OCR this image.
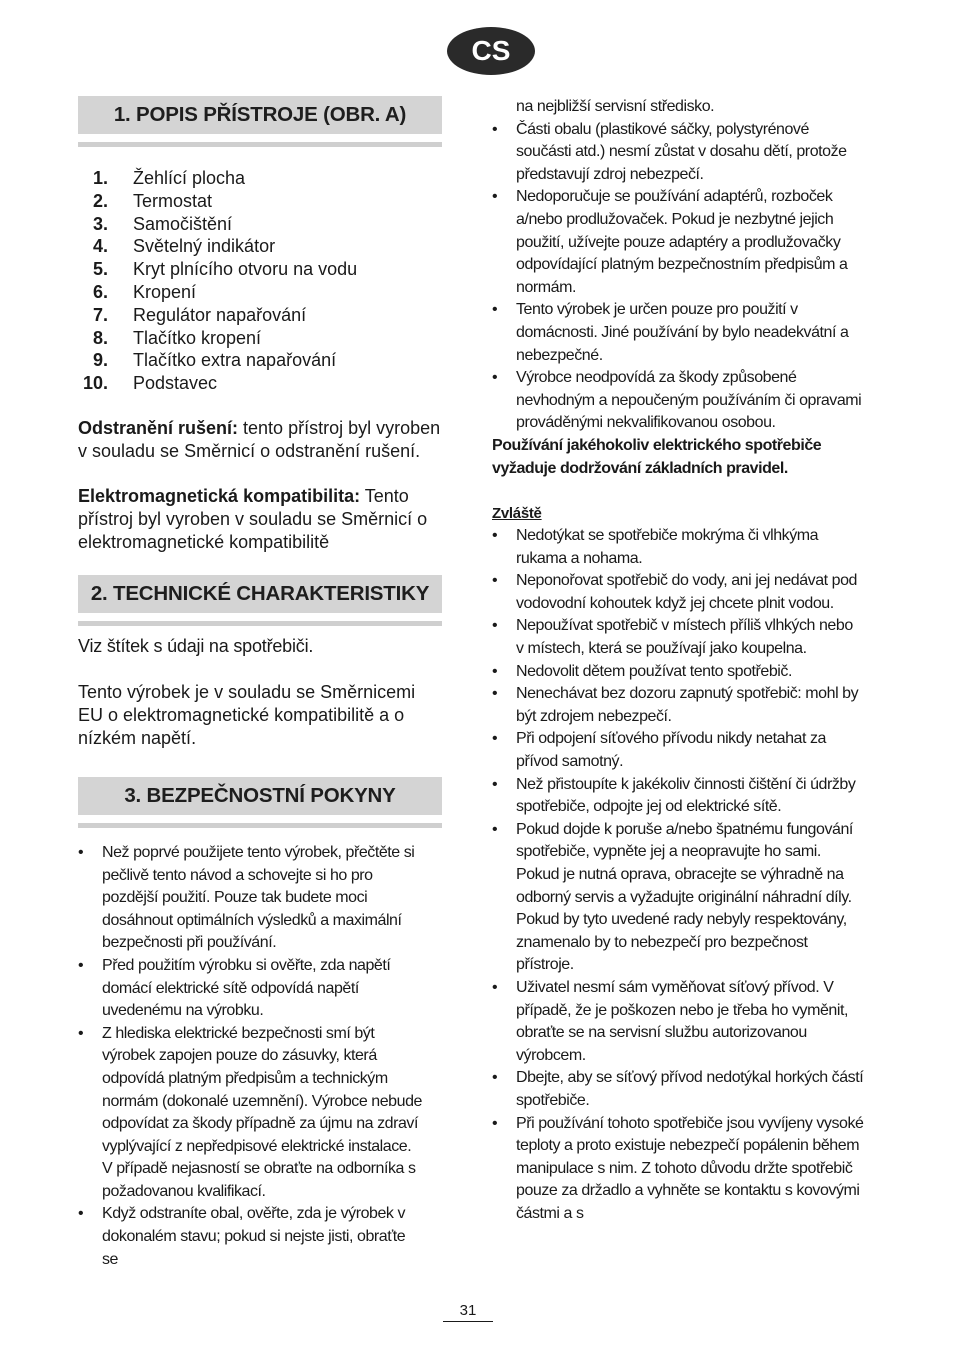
CS
1. POPIS PŘÍSTROJE (OBR. A)
1. Žehlící plocha
2. Termostat
3. Samočištění
4. Světelný indikátor
5. Kryt plnícího otvoru na vodu
6. Kropení
7. Regulátor napařování
8. Tlačítko kropení
9. Tlačítko extra napařování
10. Podstavec

Odstranění rušení: tento přístroj byl vyroben v souladu se Směrnicí o odstranění rušení.

Elektromagnetická kompatibilita: Tento přístroj byl vyroben v souladu se Směrnicí o elektromagnetické kompatibilitě

2. TECHNICKÉ CHARAKTERISTIKY

Viz štítek s údaji na spotřebiči.

Tento výrobek je v souladu se Směrnicemi EU o elektromagnetické kompatibilitě a o nízkém napětí.

3. BEZPEČNOSTNÍ POKYNY
• Než poprvé použijete tento výrobek, přečtěte si pečlivě tento návod a schovejte si ho pro pozdější použití. Pouze tak budete moci dosáhnout optimálních výsledků a maximální bezpečnosti při používání.
• Před použitím výrobku si ověřte, zda napětí domácí elektrické sítě odpovídá napětí uvedenému na výrobku.
• Z hlediska elektrické bezpečnosti smí být výrobek zapojen pouze do zásuvky, která odpovídá platným předpisům a technickým normám (dokonalé uzemnění). Výrobce nebude odpovídat za škody případně za újmu na zdraví vyplývající z nepředpisové elektrické instalace. V případě nejasností se obraťte na odborníka s požadovanou kvalifikací.
• Když odstraníte obal, ověřte, zda je výrobek v dokonalém stavu; pokud si nejste jisti, obraťte se

na nejbližší servisní středisko.

• Části obalu (plastikové sáčky, polystyrénové součásti atd.) nesmí zůstat v dosahu dětí, protože představují zdroj nebezpečí.
• Nedoporučuje se používání adaptérů, rozboček a/nebo prodlužovaček. Pokud je nezbytné jejich použití, užívejte pouze adaptéry a prodlužovačky odpovídající platným bezpečnostním předpisům a normám.
• Tento výrobek je určen pouze pro použití v domácnosti. Jiné používání by bylo neadekvátní a nebezpečné.
• Výrobce neodpovídá za škody způsobené nevhodným a nepoučeným používáním či opravami prováděnými nekvalifikovanou osobou.

Používání jakéhokoliv elektrického spotřebiče vyžaduje dodržování základních pravidel.

Zvláště

• Nedotýkat se spotřebiče mokrýma či vlhkýma rukama a nohama.
• Neponořovat spotřebič do vody, ani jej nedávat pod vodovodní kohoutek když jej chcete plnit vodou.
• Nepoužívat spotřebič v místech příliš vlhkých nebo v místech, která se používají jako koupelna.
• Nedovolit dětem používat tento spotřebič.
• Nenechávat bez dozoru zapnutý spotřebič: mohl by být zdrojem nebezpečí.
• Při odpojení síťového přívodu nikdy netahat za přívod samotný.
• Než přistoupíte k jakékoliv činnosti čištění či údržby spotřebiče, odpojte jej od elektrické sítě.
• Pokud dojde k poruše a/nebo špatnému fungování spotřebiče, vypněte jej a neopravujte ho sami. Pokud je nutná oprava, obracejte se výhradně na odborný servis a vyžadujte originální náhradní díly. Pokud by tyto uvedené rady nebyly respektovány, znamenalo by to nebezpečí pro bezpečnost přístroje.
• Uživatel nesmí sám vyměňovat síťový přívod. V případě, že je poškozen nebo je třeba ho vyměnit, obraťte se na servisní službu autorizovanou výrobcem.
• Dbejte, aby se síťový přívod nedotýkal horkých částí spotřebiče.
• Při používání tohoto spotřebiče jsou vyvíjeny vysoké teploty a proto existuje nebezpečí popálenin během manipulace s nim. Z tohoto důvodu držte spotřebič pouze za držadlo a vyhněte se kontaktu s kovovými částmi a s
31
